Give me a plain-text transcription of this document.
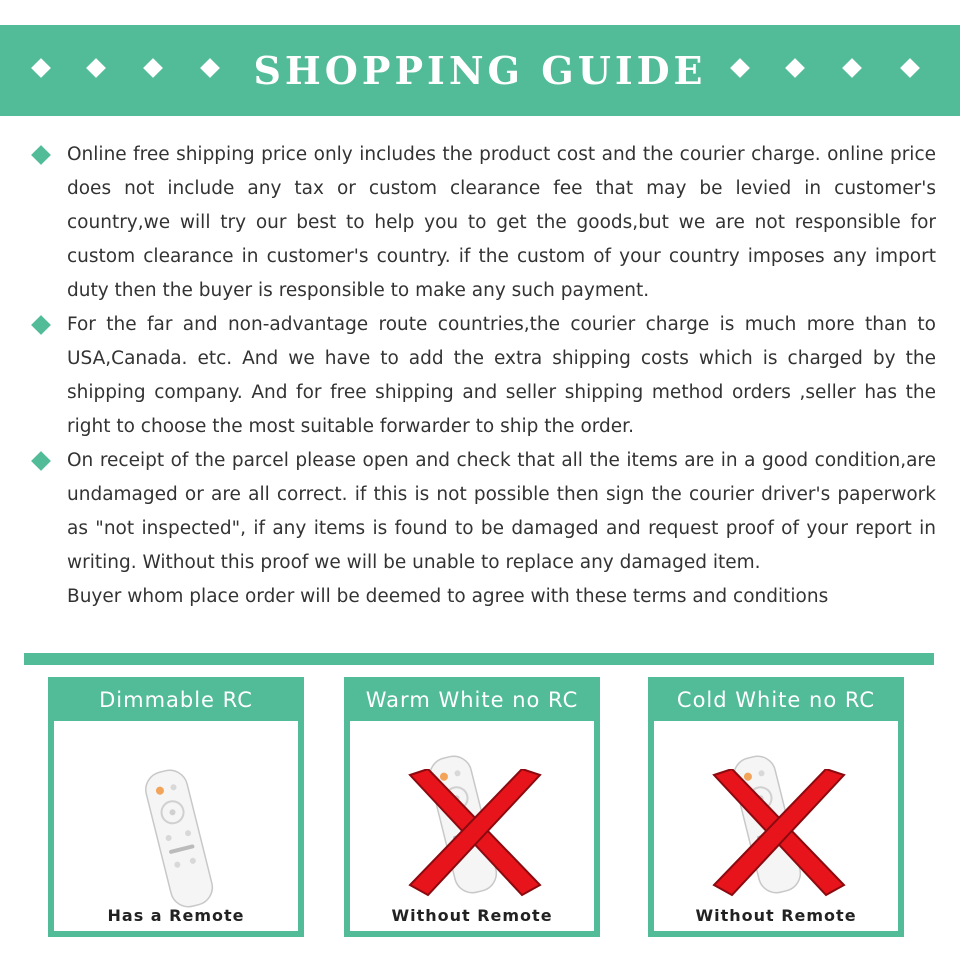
SHOPPING GUIDE
Online free shipping price only includes the product cost and the courier charge. online price does not include any tax or custom clearance fee that may be levied in customer's country,we will try our best to help you to get the goods,but we are not responsible for custom clearance in customer's country. if the custom of your country imposes any import duty then the buyer is responsible to make any such payment.
For the far and non-advantage route countries,the courier charge is much more than to USA,Canada. etc. And we have to add the extra shipping costs which is charged by the shipping company. And for free shipping and seller shipping method orders ,seller has the right to choose the most suitable forwarder to ship the order.
On receipt of the parcel please open and check that all the items are in a good condition,are undamaged or are all correct. if this is not possible then sign the courier driver's paperwork as "not inspected", if any items is found to be damaged and request proof of your report in writing. Without this proof we will be unable to replace any damaged item.
Buyer whom place order will be deemed to agree with these terms and conditions
Dimmable RC
Has a Remote
Warm White no RC
Without Remote
Cold White no RC
Without Remote
